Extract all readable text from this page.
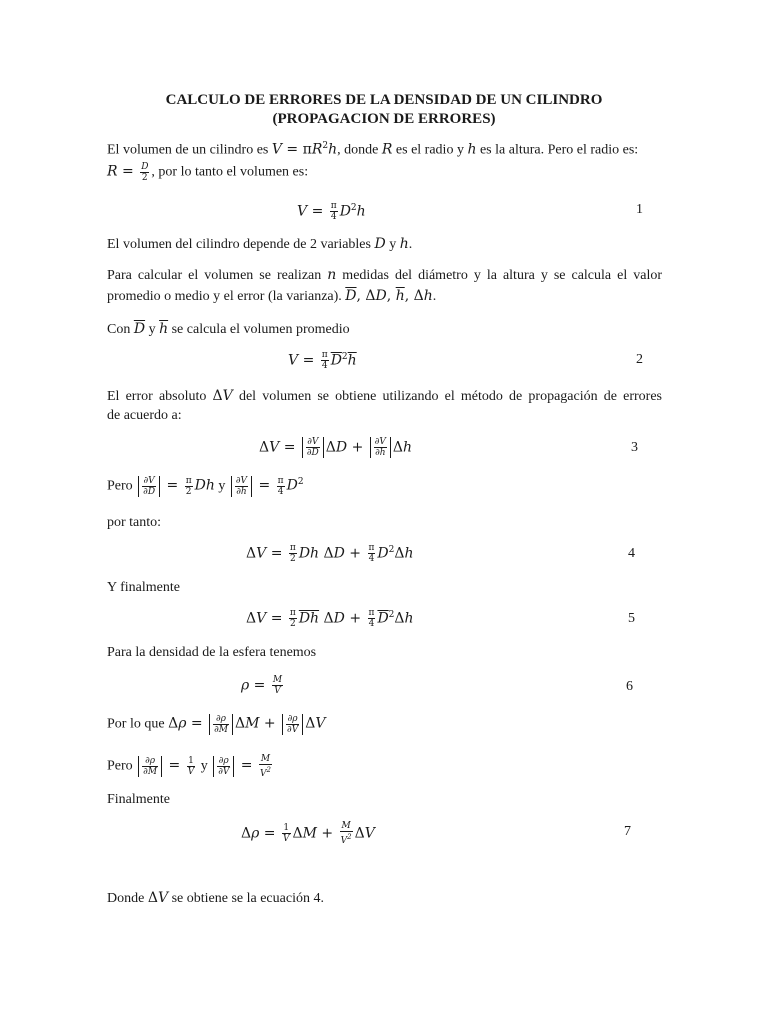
CALCULO DE ERRORES DE LA DENSIDAD DE UN CILINDRO
(PROPAGACION DE ERRORES)
El volumen de un cilindro es $V = \pi R^2h$, donde R es el radio y h es la altura. Pero el radio es:
$R = \frac{D}{2}$ , por lo tanto el volumen es:
$V = \frac{\pi}{4} D^2h$	1
El volumen del cilindro depende de 2 variables D y h.
Para calcular el volumen se realizan n medidas del diámetro y la altura y se calcula el valor
promedio o medio y el error (la varianza). $\overline{D}$, ΔD, $\overline{h}$, Δh.
Con $\overline{D}$ y $\overline{h}$ se calcula el volumen promedio
$V = \frac{\pi}{4} \overline{D}^2\overline{h}$	2
El error absoluto ΔV del volumen se obtiene utilizando el método de propagación de errores
de acuerdo a:
$\Delta V = \frac{\partial V}{\partial D}$ $\Delta D + \frac{\partial V}{\partial h}$ Δh	3
Pero $\frac{\partial V}{\partial D} = \frac{\pi}{2}$ Dh y $\frac{\partial V}{\partial h} = \frac{\pi}{4} D^2$
por tanto:
$\Delta V = \frac{\pi}{2}$ Dh $\Delta D + \frac{\pi}{4} D^2\Delta h$	4
Y finalmente
$\Delta V = \frac{\pi}{2} \overline{D}\overline{h}$ $\Delta D + \frac{\pi}{4} \overline{D}^2\Delta h$	5
Para la densidad de la esfera tenemos
$\rho = \frac{M}{V}$	6
Por lo que $\Delta\rho = \frac{\partial\rho}{\partial M}$ $\Delta M + \frac{\partial\rho}{\partial V}$ ΔV
Pero $\frac{\partial\rho}{\partial M} = \frac{1}{V}$ y $\frac{\partial\rho}{\partial V} = \frac{M}{V^2}$
Finalmente
$\Delta\rho = \frac{1}{V}$ $\Delta M + \frac{M}{V^2}$ ΔV	7
Donde ΔV se obtiene se la ecuación 4.
